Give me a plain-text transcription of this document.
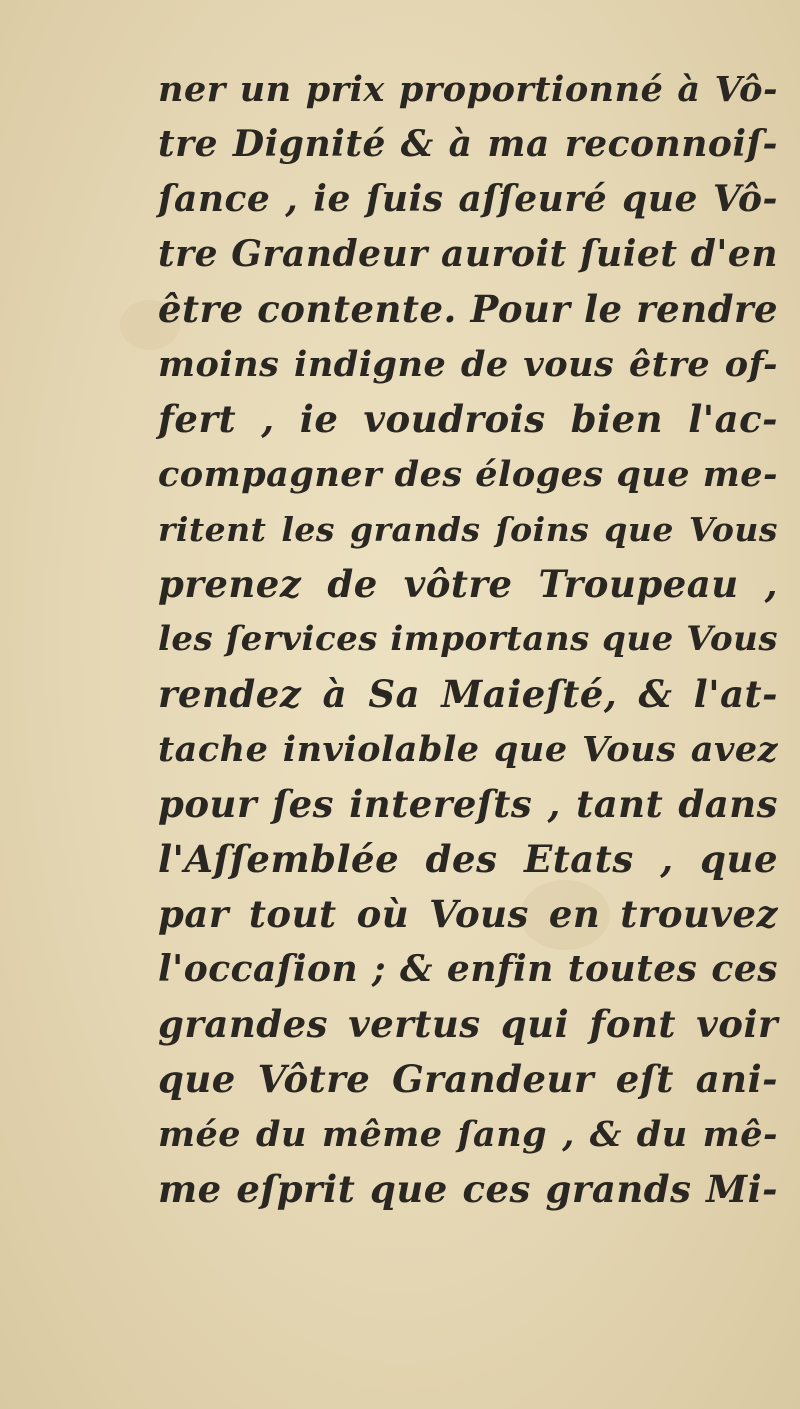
ner un prix proportionné à Vô-
tre Dignité & à ma reconnoiſ-
ſance , ie ſuis aſſeuré que Vô-
tre Grandeur auroit ſuiet d'en
être contente. Pour le rendre
moins indigne de vous être of-
fert , ie voudrois bien l'ac-
compagner des éloges que me-
ritent les grands ſoins que Vous
prenez de vôtre Troupeau ,
les ſervices importans que Vous
rendez à Sa Maieſté, & l'at-
tache inviolable que Vous avez
pour ſes intereſts , tant dans
l'Aſſemblée des Etats , que
par tout où Vous en trouvez
l'occaſion ; & enfin toutes ces
grandes vertus qui font voir
que Vôtre Grandeur eſt ani-
mée du même ſang , & du mê-
me eſprit que ces grands Mi-
